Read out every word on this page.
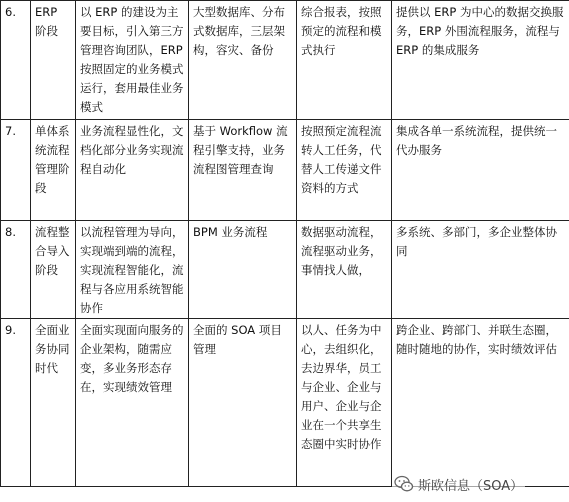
6.	ERP 阶段	以 ERP 的建设为主要目标，引入第三方管理咨询团队，ERP 按照固定的业务模式运行，套用最佳业务模式	大型数据库、分布式数据库，三层架构，容灾、备份	综合报表，按照预定的流程和模式执行	提供以 ERP 为中心的数据交换服务，ERP 外围流程服务，流程与 ERP 的集成服务
7.	单体系统流程管理阶段	业务流程显性化，文档化部分业务实现流程自动化	基于 Workflow 流程引擎支持，业务流程图管理查询	按照预定流程流转人工任务，代替人工传递文件资料的方式	集成各单一系统流程，提供统一代办服务
8.	流程整合导入阶段	以流程管理为导向，实现端到端的流程，实现流程智能化，流程与各应用系统智能协作	BPM 业务流程	数据驱动流程，流程驱动业务，事情找人做，	多系统、多部门，多企业整体协同
9.	全面业务协同时代	全面实现面向服务的企业架构，随需应变，多业务形态存在，实现绩效管理	全面的 SOA 项目管理	以人、任务为中心，去组织化，去边界华，员工与企业、企业与用户、企业与企业在一个共享生态圈中实时协作	跨企业、跨部门、并联生态圈，随时随地的协作，实时绩效评估
斯欧信息（SOA）
